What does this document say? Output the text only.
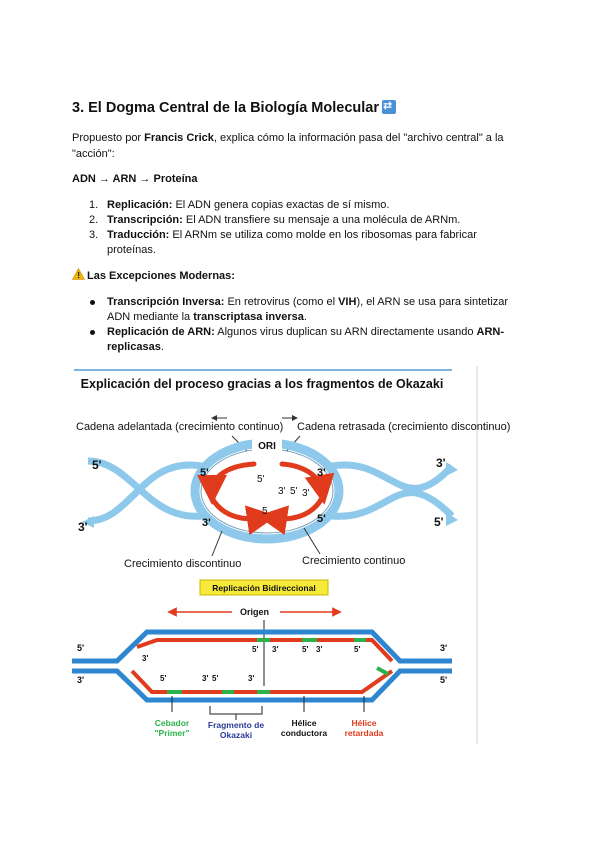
3. El Dogma Central de la Biología Molecular⇄

Propuesto por Francis Crick, explica cómo la información pasa del "archivo central" a la "acción":

ADN → ARN → Proteína

1. Replicación: El ADN genera copias exactas de sí mismo.
2. Transcripción: El ADN transfiere su mensaje a una molécula de ARNm.
3. Traducción: El ARNm se utiliza como molde en los ribosomas para fabricar proteínas.

Las Excepciones Modernas:

Transcripción Inversa: En retrovirus (como el VIH), el ARN se usa para sintetizar ADN mediante la transcriptasa inversa.
Replicación de ARN: Algunos virus duplican su ARN directamente usando ARN-replicasas.
Explicación del proceso gracias a los fragmentos de Okazaki
Cadena adelantada (crecimiento continuo) Cadena retrasada (crecimiento discontinuo)
ORI
5'
3'
3'
5'
5'
3'
3'
5'
5'
5
3' 5' 3'
Crecimiento discontinuo	Crecimiento continuo
Replicación Bidireccional
Origen
5'
3'
3'
5'
3'
5'	3' 5'	3'
5' 3'	5' 3'	5'
Cebador
"Primer"
Fragmento de
Okazaki
Hélice
conductora
Hélice
retardada
